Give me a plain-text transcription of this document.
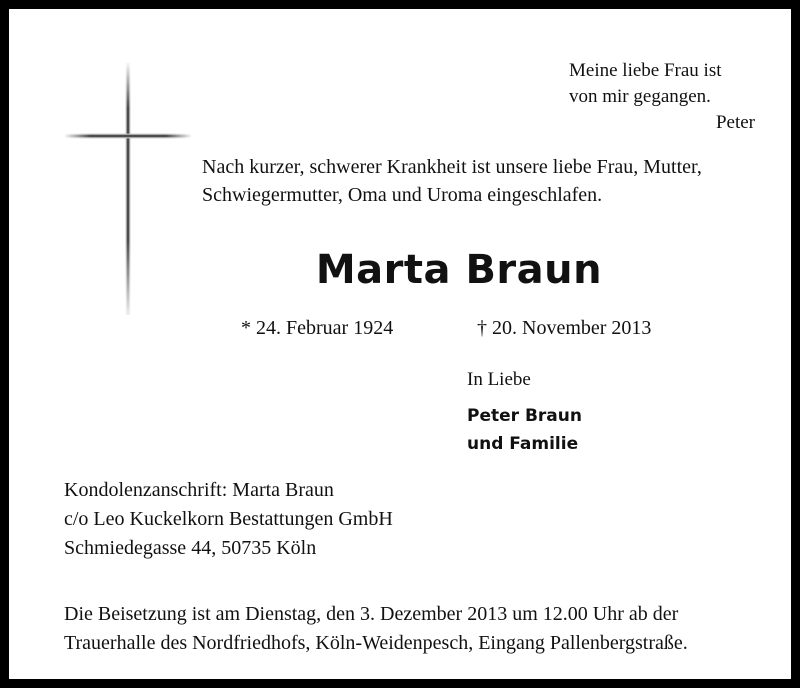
Meine liebe Frau ist
von mir gegangen.
Peter
Nach kurzer, schwerer Krankheit ist unsere liebe Frau, Mutter,
Schwiegermutter, Oma und Uroma eingeschlafen.
Marta Braun
* 24. Februar 1924	† 20. November 2013
In Liebe
Peter Braun
und Familie
Kondolenzanschrift: Marta Braun
c/o Leo Kuckelkorn Bestattungen GmbH
Schmiedegasse 44, 50735 Köln
Die Beisetzung ist am Dienstag, den 3. Dezember 2013 um 12.00 Uhr ab der
Trauerhalle des Nordfriedhofs, Köln-Weidenpesch, Eingang Pallenbergstraße.
